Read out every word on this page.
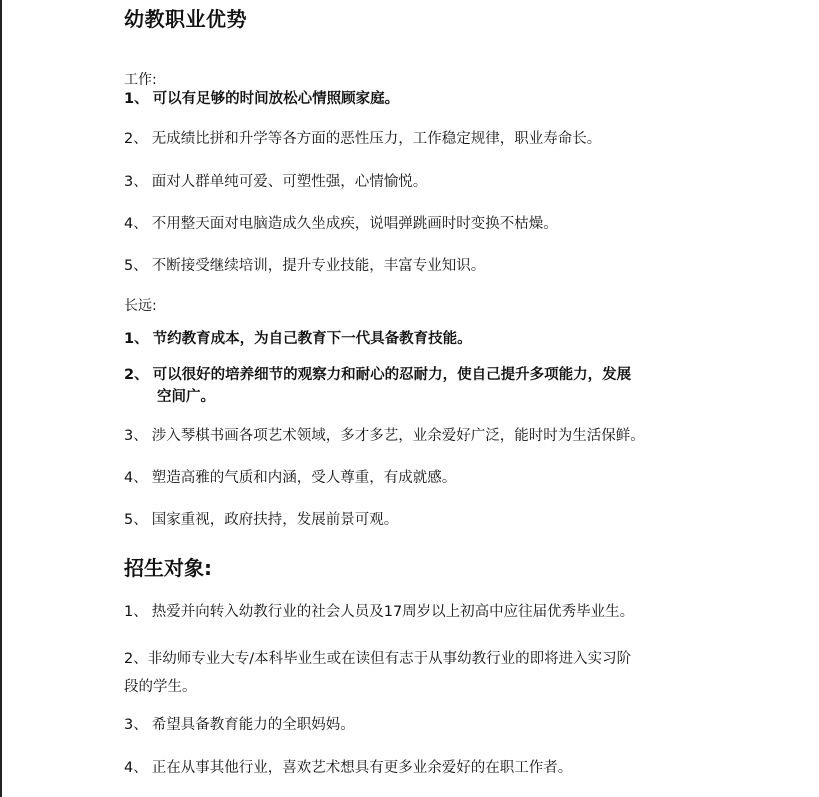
幼教职业优势
工作:
1、 可以有足够的时间放松心情照顾家庭。
2、 无成绩比拼和升学等各方面的恶性压力，工作稳定规律，职业寿命长。
3、 面对人群单纯可爱、可塑性强，心情愉悦。
4、 不用整天面对电脑造成久坐成疾，说唱弹跳画时时变换不枯燥。
5、 不断接受继续培训，提升专业技能，丰富专业知识。
长远:
1、 节约教育成本，为自己教育下一代具备教育技能。
2、 可以很好的培养细节的观察力和耐心的忍耐力，使自己提升多项能力，发展
空间广。
3、 涉入琴棋书画各项艺术领域，多才多艺，业余爱好广泛，能时时为生活保鲜。
4、 塑造高雅的气质和内涵，受人尊重，有成就感。
5、 国家重视，政府扶持，发展前景可观。
招生对象:
1、 热爱并向转入幼教行业的社会人员及17周岁以上初高中应往届优秀毕业生。
2、非幼师专业大专/本科毕业生或在读但有志于从事幼教行业的即将进入实习阶
段的学生。
3、 希望具备教育能力的全职妈妈。
4、 正在从事其他行业，喜欢艺术想具有更多业余爱好的在职工作者。
